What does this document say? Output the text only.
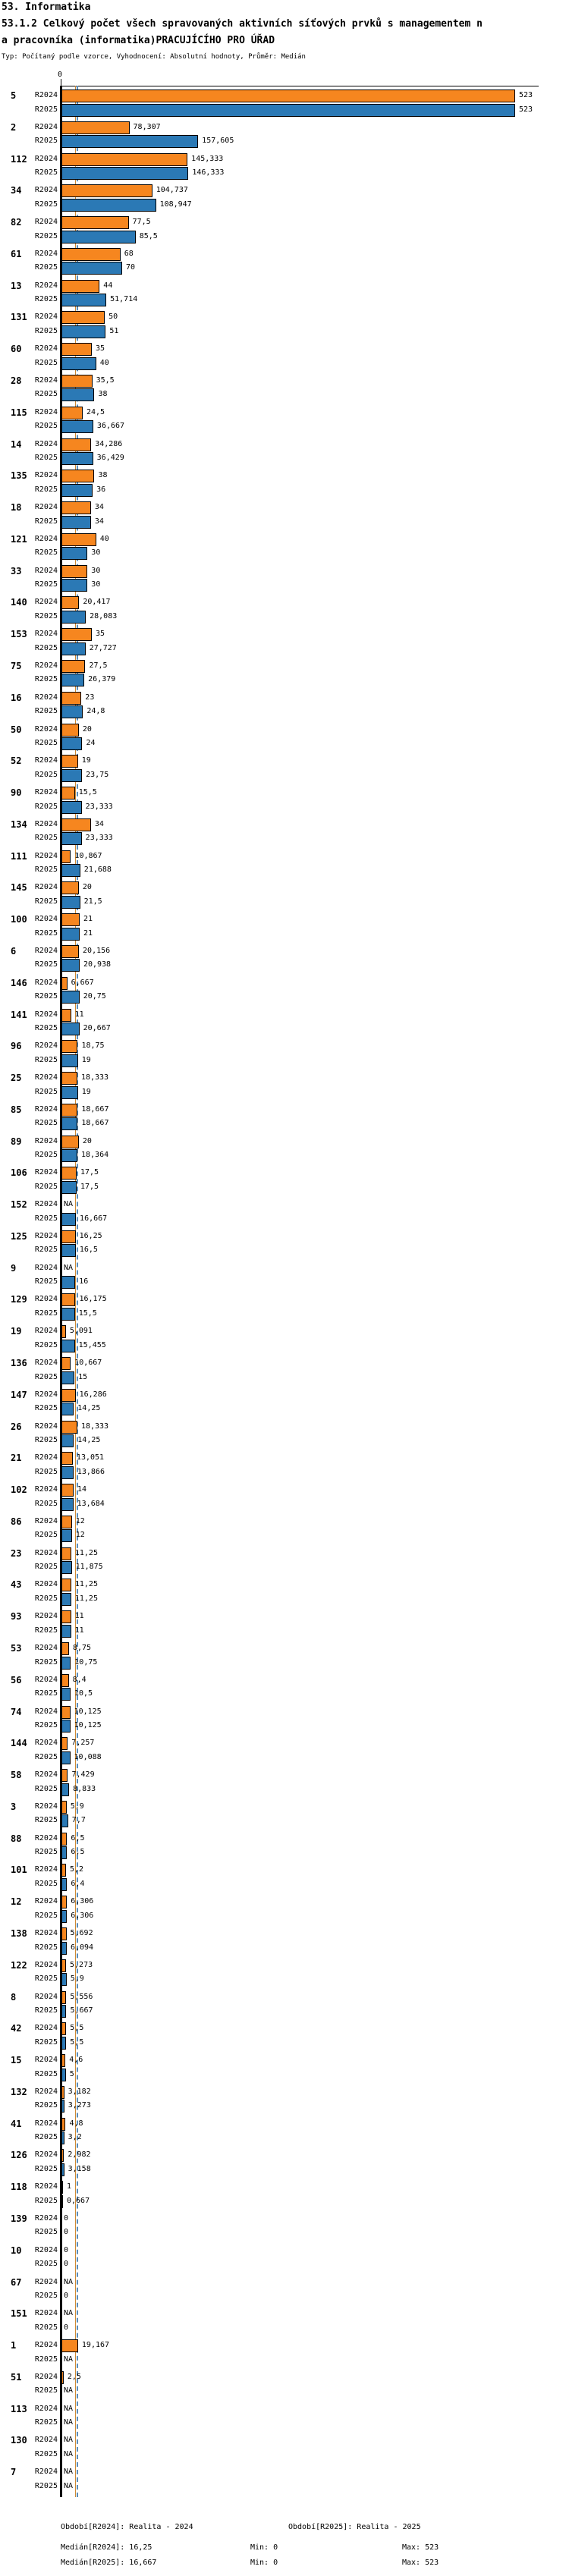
53. Informatika
53.1.2 Celkový počet všech spravovaných aktivních síťových prvků s managementem n
a pracovníka (informatika)PRACUJÍCÍHO PRO ÚŘAD
Typ: Počítaný podle vzorce, Vyhodnocení: Absolutní hodnoty, Průměr: Medián
0
5	R2024	523
R2025	523
2	R2024	78,307
R2025	157,605
112	R2024	145,333
R2025	146,333
34	R2024	104,737
R2025	108,947
82	R2024	77,5
R2025	85,5
61	R2024	68
R2025	70
13	R2024	44
R2025	51,714
131	R2024	50
R2025	51
60	R2024	35
R2025	40
28	R2024	35,5
R2025	38
115	R2024	24,5
R2025	36,667
14	R2024	34,286
R2025	36,429
135	R2024	38
R2025	36
18	R2024	34
R2025	34
121	R2024	40
R2025	30
33	R2024	30
R2025	30
140	R2024	20,417
R2025	28,083
153	R2024	35
R2025	27,727
75	R2024	27,5
R2025	26,379
16	R2024	23
R2025	24,8
50	R2024	20
R2025	24
52	R2024	19
R2025	23,75
90	R2024	15,5
R2025	23,333
134	R2024	34
R2025	23,333
111	R2024 10,867
R2025	21,688
145	R2024	20
R2025	21,5
100	R2024	21
R2025	21
6	R2024	20,156
R2025	20,938
146	R2024 6,667
R2025	20,75
141	R2024 11
R2025	20,667
96	R2024	18,75
R2025	19
25	R2024	18,333
R2025	19
85	R2024	18,667
R2025	18,667
89	R2024	20
R2025	18,364
106	R2024	17,5
R2025	17,5
152	R2024 NA
R2025	16,667
125	R2024	16,25
R2025	16,5
9	R2024 NA
R2025	16
129	R2024	16,175
R2025	15,5
19	R2024 5,091
R2025	15,455
136	R2024 10,667
R2025	15
147	R2024	16,286
R2025	14,25
26	R2024	18,333
R2025	14,25
21	R2024 13,051
R2025	13,866
102	R2024	14
R2025	13,684
86	R2024 12
R2025 12
23	R2024 11,25
R2025 11,875
43	R2024 11,25
R2025 11,25
93	R2024 11
R2025 11
53	R2024 8,75
R2025 10,75
56	R2024 8,4
R2025 10,5
74	R2024 10,125
R2025 10,125
144	R2024 7,257
R2025 10,088
58	R2024 7,429
R2025 8,833
3	R2024 5,9
R2025 7,7
88	R2024 6,5
R2025 6,5
101	R2024 5,2
R2025 6,4
12	R2024 6,306
R2025 6,306
138	R2024 5,692
R2025 6,094
122	R2024 5,273
R2025 5,9
8	R2024 5,556
R2025 5,667
42	R2024 5,5
R2025 5,5
15	R2024 4,6
R2025 5
132	R2024 3,182
R2025 3,273
41	R2024 4,8
R2025 3,2
126	R2024 2,982
R2025 3,158
118	R2024 1
R2025 0,667
139	R2024 0
R2025 0
10	R2024 0
R2025 0
67	R2024 NA
R2025 0
151	R2024 NA
R2025 0
1	R2024	19,167
R2025 NA
51	R2024 2,5
R2025 NA
113	R2024 NA
R2025 NA
130	R2024 NA
R2025 NA
7	R2024 NA
R2025 NA
Období[R2024]: Realita - 2024	Období[R2025]: Realita - 2025
Medián[R2024]: 16,25	Min: 0	Max: 523
Medián[R2025]: 16,667	Min: 0	Max: 523
